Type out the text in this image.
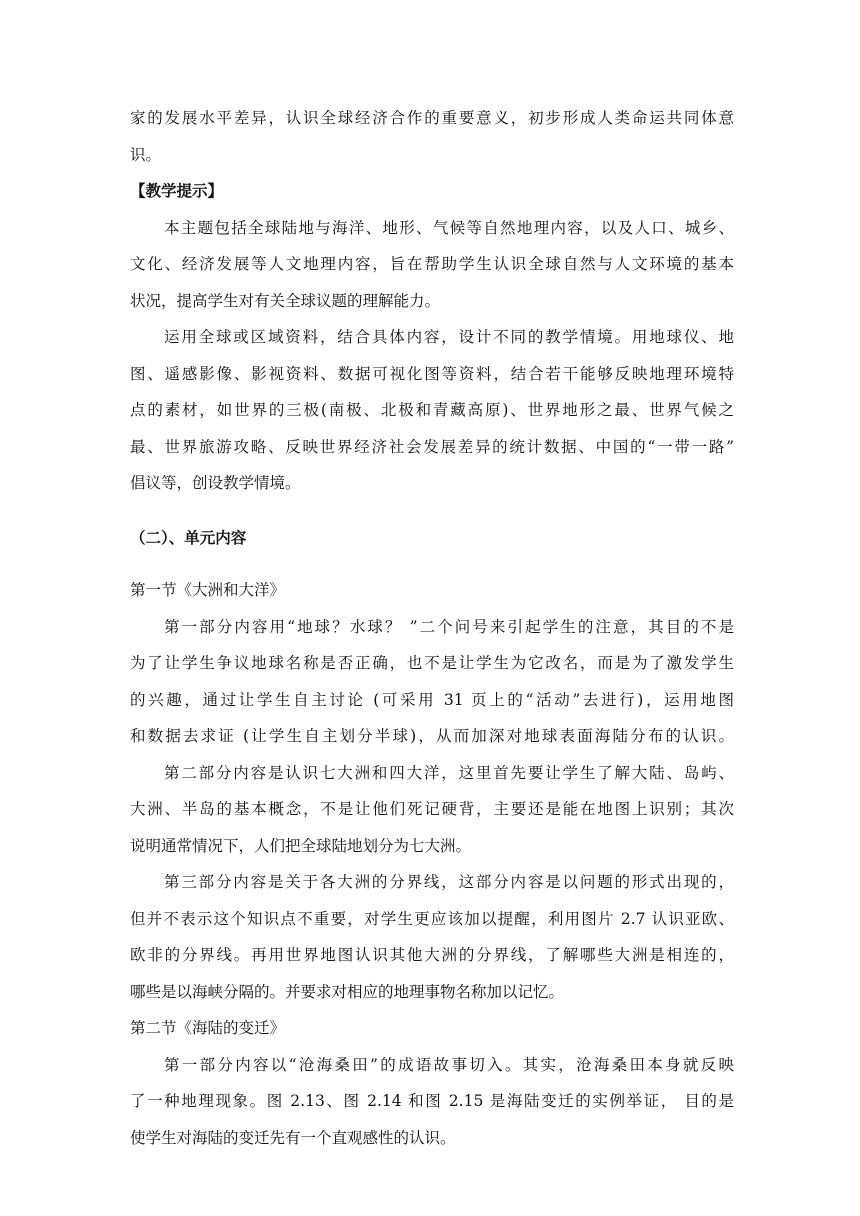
家的发展水平差异，认识全球经济合作的重要意义，初步形成人类命运共同体意
识。
【教学提示】
本主题包括全球陆地与海洋、地形、气候等自然地理内容，以及人口、城乡、
文化、经济发展等人文地理内容，旨在帮助学生认识全球自然与人文环境的基本
状况，提高学生对有关全球议题的理解能力。
运用全球或区域资料，结合具体内容，设计不同的教学情境。用地球仪、地
图、遥感影像、影视资料、数据可视化图等资料，结合若干能够反映地理环境特
点的素材，如世界的三极(南极、北极和青藏高原)、世界地形之最、世界气候之
最、世界旅游攻略、反映世界经济社会发展差异的统计数据、中国的“一带一路”
倡议等，创设教学情境。
（二）、单元内容
第一节《大洲和大洋》
第一部分内容用“地球？水球？ ”二个问号来引起学生的注意，其目的不是
为了让学生争议地球名称是否正确，也不是让学生为它改名，而是为了激发学生
的兴趣，通过让学生自主讨论 (可采用 31 页上的“活动”去进行)，运用地图
和数据去求证 (让学生自主划分半球)，从而加深对地球表面海陆分布的认识。
第二部分内容是认识七大洲和四大洋，这里首先要让学生了解大陆、岛屿、
大洲、半岛的基本概念，不是让他们死记硬背，主要还是能在地图上识别；其次
说明通常情况下，人们把全球陆地划分为七大洲。
第三部分内容是关于各大洲的分界线，这部分内容是以问题的形式出现的，
但并不表示这个知识点不重要，对学生更应该加以提醒，利用图片 2.7 认识亚欧、
欧非的分界线。再用世界地图认识其他大洲的分界线，了解哪些大洲是相连的，
哪些是以海峡分隔的。并要求对相应的地理事物名称加以记忆。
第二节《海陆的变迁》
第一部分内容以“沧海桑田”的成语故事切入。其实，沧海桑田本身就反映
了一种地理现象。图 2.13、图 2.14 和图 2.15 是海陆变迁的实例举证， 目的是
使学生对海陆的变迁先有一个直观感性的认识。
